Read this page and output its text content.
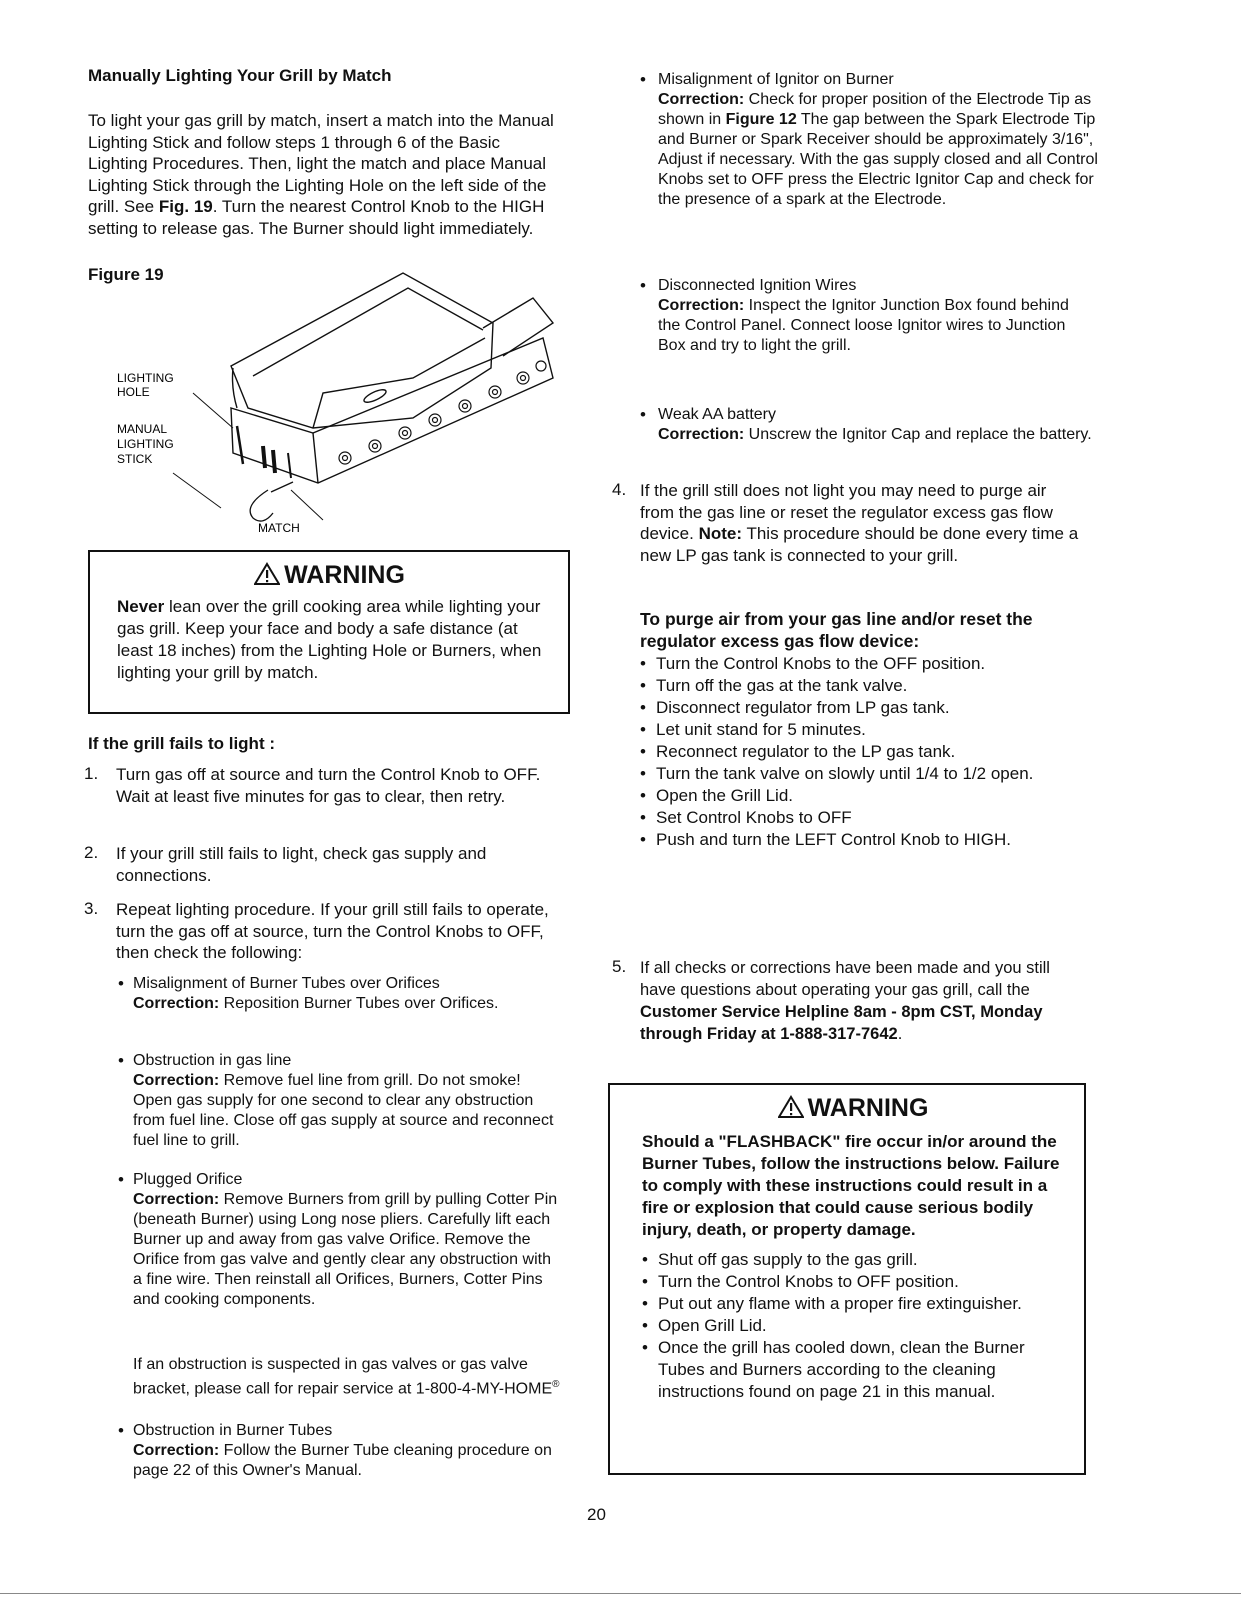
Manually Lighting Your Grill by Match

To light your gas grill by match, insert a match into the Manual Lighting Stick and follow steps 1 through 6 of the Basic Lighting Procedures. Then, light the match and place Manual Lighting Stick through the Lighting Hole on the left side of the grill. See Fig. 19. Turn the nearest Control Knob to the HIGH setting to release gas. The Burner should light immediately.

Figure 19

LIGHTING
HOLE
MANUAL
LIGHTING
STICK
MATCH
WARNING

Never lean over the grill cooking area while lighting your gas grill. Keep your face and body a safe distance (at least 18 inches) from the Lighting Hole or Burners, when lighting your grill by match.

If the grill fails to light :

1. Turn gas off at source and turn the Control Knob to OFF. Wait at least five minutes for gas to clear, then retry.

2. If your grill still fails to light, check gas supply and connections.

3. Repeat lighting procedure. If your grill still fails to operate, turn the gas off at source, turn the Control Knobs to OFF, then check the following:

• Misalignment of Burner Tubes over Orifices
Correction: Reposition Burner Tubes over Orifices.
• Obstruction in gas line
Correction: Remove fuel line from grill. Do not smoke! Open gas supply for one second to clear any obstruction from fuel line. Close off gas supply at source and reconnect fuel line to grill.
• Plugged Orifice
Correction: Remove Burners from grill by pulling Cotter Pin (beneath Burner) using Long nose pliers. Carefully lift each Burner up and away from gas valve Orifice. Remove the Orifice from gas valve and gently clear any obstruction with a fine wire. Then reinstall all Orifices, Burners, Cotter Pins and cooking components.

If an obstruction is suspected in gas valves or gas valve bracket, please call for repair service at 1-800-4-MY-HOME®

• Obstruction in Burner Tubes
Correction: Follow the Burner Tube cleaning procedure on page 22 of this Owner's Manual.
• Misalignment of Ignitor on Burner
Correction: Check for proper position of the Electrode Tip as shown in Figure 12 The gap between the Spark Electrode Tip and Burner or Spark Receiver should be approximately 3/16", Adjust if necessary. With the gas supply closed and all Control Knobs set to OFF press the Electric Ignitor Cap and check for the presence of a spark at the Electrode.
• Disconnected Ignition Wires
Correction: Inspect the Ignitor Junction Box found behind the Control Panel. Connect loose Ignitor wires to Junction Box and try to light the grill.
• Weak AA battery
Correction: Unscrew the Ignitor Cap and replace the battery.
4. If the grill still does not light you may need to purge air from the gas line or reset the regulator excess gas flow device. Note: This procedure should be done every time a new LP gas tank is connected to your grill.

To purge air from your gas line and/or reset the regulator excess gas flow device:

• Turn the Control Knobs to the OFF position.
• Turn off the gas at the tank valve.
• Disconnect regulator from LP gas tank.
• Let unit stand for 5 minutes.
• Reconnect regulator to the LP gas tank.
• Turn the tank valve on slowly until 1/4 to 1/2 open.
• Open the Grill Lid.
• Set Control Knobs to OFF
• Push and turn the LEFT Control Knob to HIGH.
5. If all checks or corrections have been made and you still have questions about operating your gas grill, call the Customer Service Helpline 8am - 8pm CST, Monday through Friday at 1-888-317-7642.

WARNING

Should a "FLASHBACK" fire occur in/or around the Burner Tubes, follow the instructions below. Failure to comply with these instructions could result in a fire or explosion that could cause serious bodily injury, death, or property damage.

• Shut off gas supply to the gas grill.
• Turn the Control Knobs to OFF position.
• Put out any flame with a proper fire extinguisher.
• Open Grill Lid.
• Once the grill has cooled down, clean the Burner Tubes and Burners according to the cleaning instructions found on page 21 in this manual.
20
